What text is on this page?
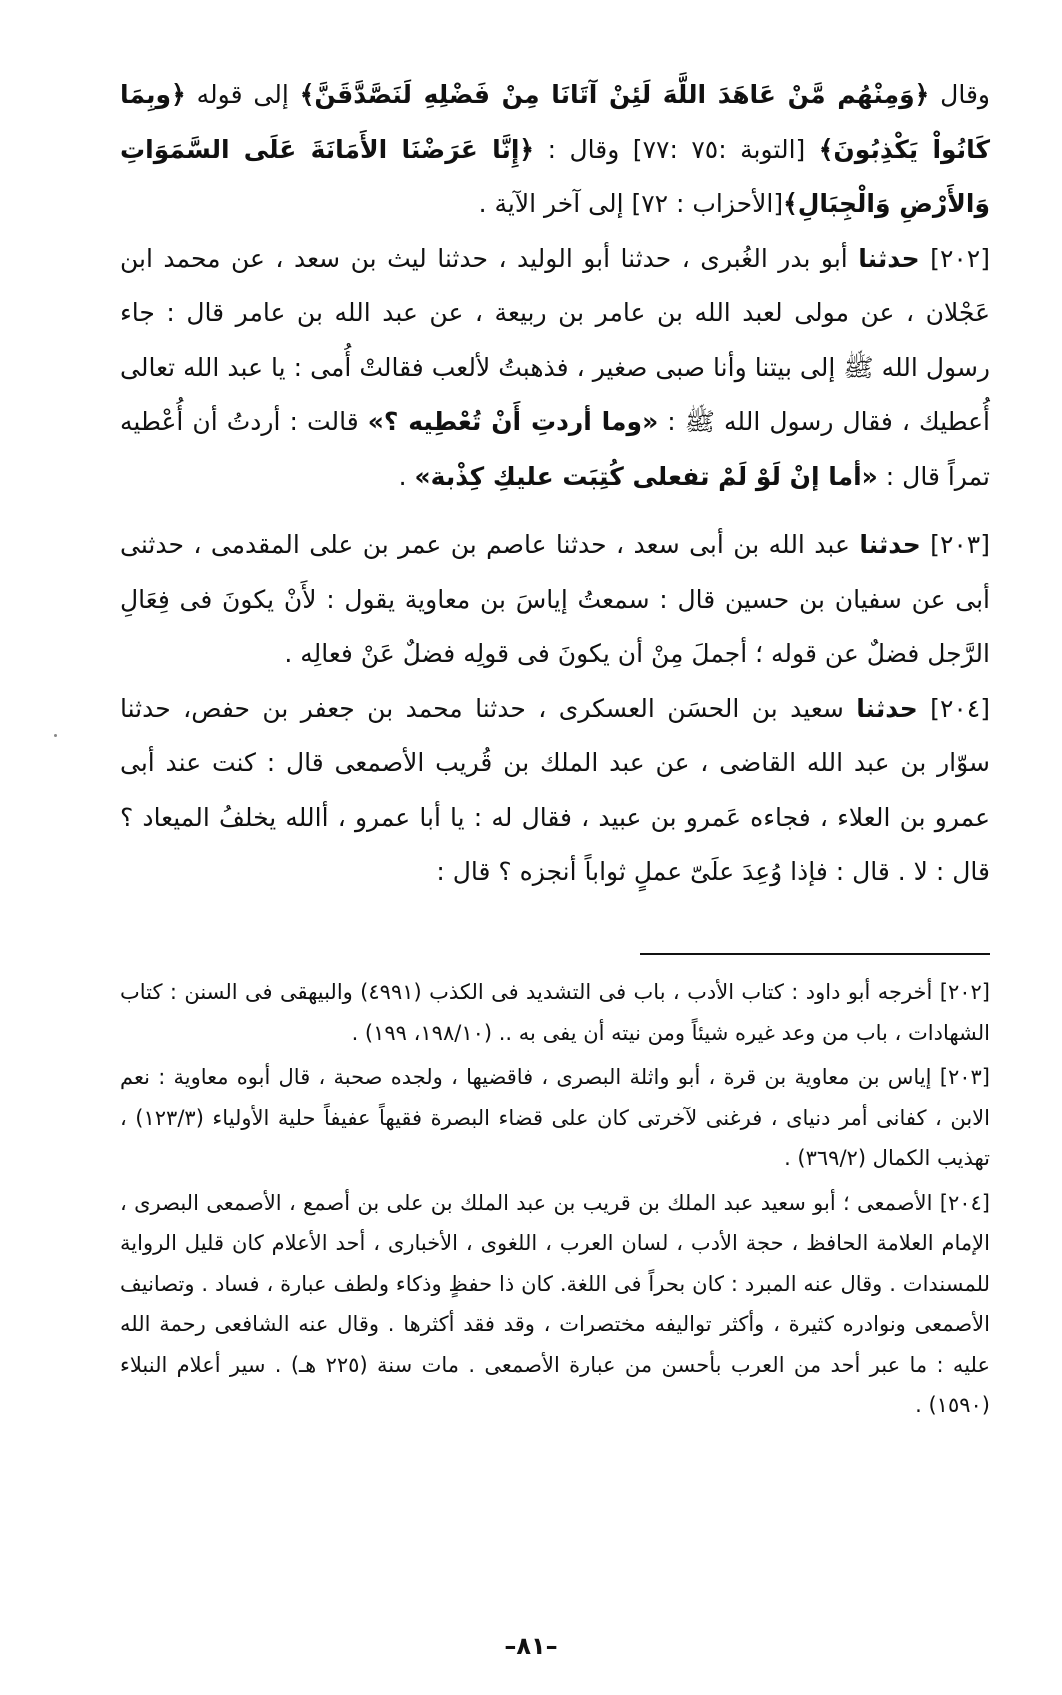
وقال ﴿وَمِنْهُم مَّنْ عَاهَدَ اللَّهَ لَئِنْ آتَانَا مِنْ فَضْلِهِ لَنَصَّدَّقَنَّ﴾ إلى قوله ﴿وبِمَا كَانُواْ يَكْذِبُونَ﴾ [التوبة :٧٥ :٧٧] وقال : ﴿إِنَّا عَرَضْنَا الأَمَانَةَ عَلَى السَّمَوَاتِ وَالأَرْضِ وَالْجِبَالِ﴾[الأحزاب : ٧٢] إلى آخر الآية .

[٢٠٢] حدثنا أبو بدر الغُبرى ، حدثنا أبو الوليد ، حدثنا ليث بن سعد ، عن محمد ابن عَجْلان ، عن مولى لعبد الله بن عامر بن ربيعة ، عن عبد الله بن عامر قال : جاء رسول الله ﷺ إلى بيتنا وأنا صبى صغير ، فذهبتُ لألعب فقالتْ أُمى : يا عبد الله تعالى أُعطيك ، فقال رسول الله ﷺ : «وما أردتِ أَنْ تُعْطِيه ؟» قالت : أردتُ أن أُعْطيه تمراً قال : «أما إنْ لَوْ لَمْ تفعلى كُتِبَت عليكِ كِذْبة» .

[٢٠٣] حدثنا عبد الله بن أبى سعد ، حدثنا عاصم بن عمر بن على المقدمى ، حدثنى أبى عن سفيان بن حسين قال : سمعتُ إياسَ بن معاوية يقول : لأَنْ يكونَ فى فِعَالِ الرَّجل فضلٌ عن قوله ؛ أجملَ مِنْ أن يكونَ فى قولِه فضلٌ عَنْ فعالِه .

[٢٠٤] حدثنا سعيد بن الحسَن العسكرى ، حدثنا محمد بن جعفر بن حفص، حدثنا سوّار بن عبد الله القاضى ، عن عبد الملك بن قُريب الأصمعى قال : كنت عند أبى عمرو بن العلاء ، فجاءه عَمرو بن عبيد ، فقال له : يا أبا عمرو ، أالله يخلفُ الميعاد ؟ قال : لا . قال : فإذا وُعِدَ علَىّ عملٍ ثواباً أنجزه ؟ قال :

[٢٠٢] أخرجه أبو داود : كتاب الأدب ، باب فى التشديد فى الكذب (٤٩٩١) والبيهقى فى السنن : كتاب الشهادات ، باب من وعد غيره شيئاً ومن نيته أن يفى به .. (١٩٨/١٠، ١٩٩) .

[٢٠٣] إياس بن معاوية بن قرة ، أبو واثلة البصرى ، فاقضيها ، ولجده صحبة ، قال أبوه معاوية : نعم الابن ، كفانى أمر دنياى ، فرغنى لآخرتى كان على قضاء البصرة فقيهاً عفيفاً حلية الأولياء (١٢٣/٣) ، تهذيب الكمال (٣٦٩/٢) .

[٢٠٤] الأصمعى ؛ أبو سعيد عبد الملك بن قريب بن عبد الملك بن على بن أصمع ، الأصمعى البصرى ، الإمام العلامة الحافظ ، حجة الأدب ، لسان العرب ، اللغوى ، الأخبارى ، أحد الأعلام كان قليل الرواية للمسندات . وقال عنه المبرد : كان بحراً فى اللغة. كان ذا حفظٍ وذكاء ولطف عبارة ، فساد . وتصانيف الأصمعى ونوادره كثيرة ، وأكثر تواليفه مختصرات ، وقد فقد أكثرها . وقال عنه الشافعى رحمة الله عليه : ما عبر أحد من العرب بأحسن من عبارة الأصمعى . مات سنة (٢٢٥ هـ) . سير أعلام النبلاء (١٥٩٠) .

–٨١–
